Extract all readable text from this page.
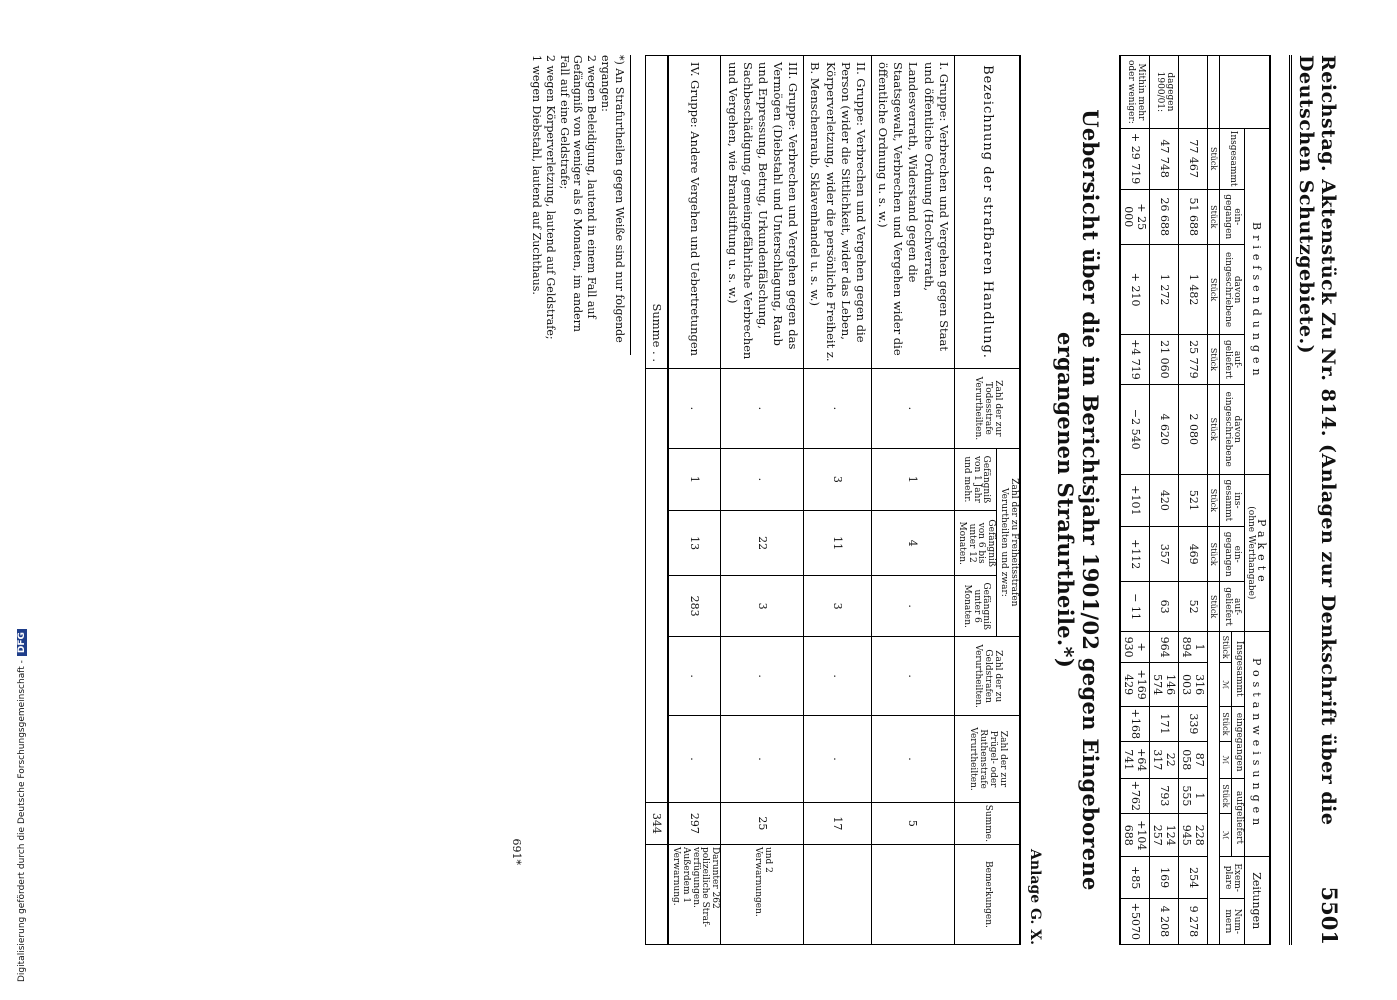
Reichstag. Aktenstück Zu Nr. 814. (Anlagen zur Denkschrift über die Deutschen Schutzgebiete.)
5501
	Briefsendungen					Pakete
(ohne Werthangabe)			Postanweisungen						Zeitungen	
	Insgesammt	ein-gegangen	davon eingeschriebene	auf-geliefert	davon eingeschriebene	ins-gesammt	ein-gegangen	auf-geliefert	Insgesammt		eingegangen		aufgeliefert		Exem-plare	Num-mern
									Stück	ℳ	Stück	ℳ	Stück	ℳ		
	Stück	Stück	Stück	Stück	Stück	Stück	Stück	Stück								
	77 467	51 688	1 482	25 779	2 080	521	469	52	1 894	316 003	339	87 058	1 555	228 945	254	9 278
dagegen 1900/01:	47 748	26 688	1 272	21 060	4 620	420	357	63	964	146 574	171	22 317	793	124 257	169	4 208
Mithin mehr oder weniger:	+ 29 719	+ 25 000	+ 210	+4 719	−2 540	+101	+112	− 11	+ 930	+169 429	+168	+64 741	+762	+104 688	+85	+5070
Uebersicht über die im Berichtsjahr 1901/02 gegen Eingeborene ergangenen Strafurtheile.*)
Anlage G. X.
Bezeichnung der strafbaren Handlung.	Zahl der zur Todesstrafe Verurtheilten.	Zahl der zu Freiheitsstrafen Verurtheilten und zwar:			Zahl der zu Geldstrafen Verurtheilten.	Zahl der zur Prügel- oder Ruthenstrafe Verurtheilten.	Summe.	Bemerkungen.
		Gefängniß von 1 Jahr und mehr.	Gefängniß von 6 bis unter 12 Monaten.	Gefängniß unter 6 Monaten.				
I. Gruppe: Verbrechen und Vergehen gegen Staat und öffentliche Ordnung (Hochverrath, Landesverrath, Widerstand gegen die Staatsgewalt, Verbrechen und Vergehen wider die öffentliche Ordnung u. s. w.)	.	1	4	.	.	.	5	
II. Gruppe: Verbrechen und Vergehen gegen die Person (wider die Sittlichkeit, wider das Leben, Körperverletzung, wider die persönliche Freiheit z. B. Menschenraub, Sklavenhandel u. s. w.)	.	3	11	3	.	.	17	
III. Gruppe: Verbrechen und Vergehen gegen das Vermögen (Diebstahl und Unterschlagung, Raub und Erpressung, Betrug, Urkundenfälschung, Sachbeschädigung, gemeingefährliche Verbrechen und Vergehen, wie Brandstiftung u. s. w.)	.	.	22	3	.	.	25	und 2 Verwarnungen.
IV. Gruppe: Andere Vergehen und Uebertretungen	.	1	13	283	.	.	297	Darunter 262 polizeiliche Straf-verfügungen. Außerdem 1 Verwarnung.
Summe . .							344	
*) An Strafurtheilen gegen Weiße sind nur folgende ergangen:
2 wegen Beleidigung, lautend in einem Fall auf Gefängniß von weniger als 6 Monaten, im andern Fall auf eine Geldstrafe;
2 wegen Körperverletzung, lautend auf Geldstrafe;
1 wegen Diebstahl, lautend auf Zuchthaus.
691*
Digitalisierung gefördert durch die Deutsche Forschungsgemeinschaft -DFG
